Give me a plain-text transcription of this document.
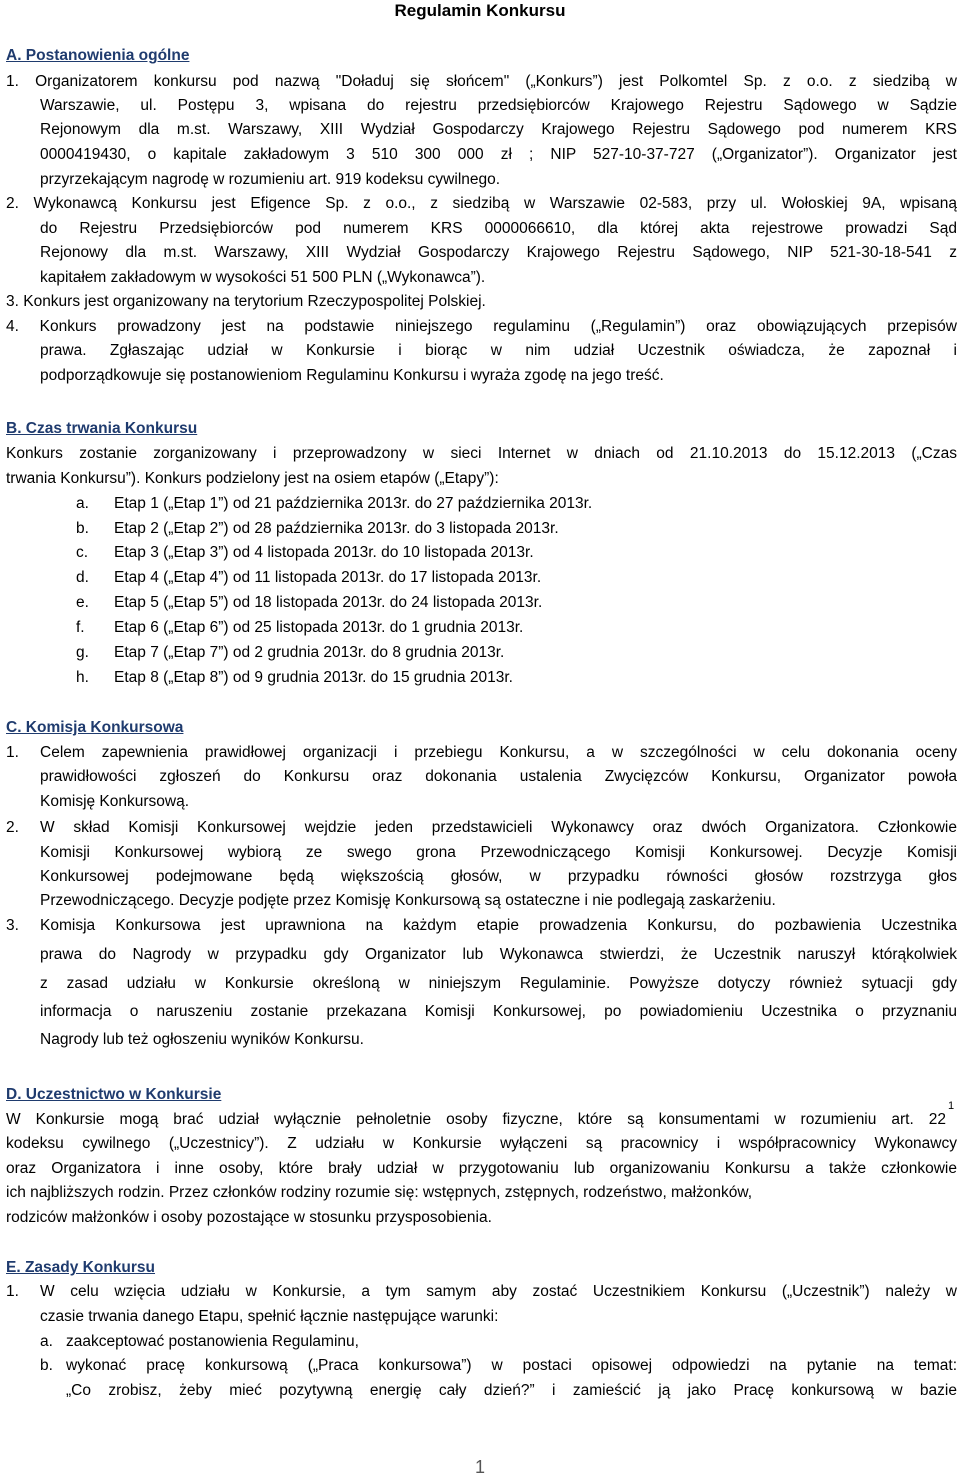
Regulamin Konkursu
A. Postanowienia ogólne
1. Organizatorem konkursu pod nazwą "Doładuj się słońcem" („Konkurs”) jest Polkomtel Sp. z o.o. z siedzibą w
Warszawie, ul. Postępu 3, wpisana do rejestru przedsiębiorców Krajowego Rejestru Sądowego w Sądzie
Rejonowym dla m.st. Warszawy, XIII Wydział Gospodarczy Krajowego Rejestru Sądowego pod numerem KRS
0000419430, o kapitale zakładowym 3 510 300 000 zł ; NIP 527-10-37-727 („Organizator”). Organizator jest
przyrzekającym nagrodę w rozumieniu art. 919 kodeksu cywilnego.
2. Wykonawcą Konkursu jest Efigence Sp. z o.o., z siedzibą w Warszawie 02-583, przy ul. Wołoskiej 9A, wpisaną
do Rejestru Przedsiębiorców pod numerem KRS 0000066610, dla której akta rejestrowe prowadzi Sąd
Rejonowy dla m.st. Warszawy, XIII Wydział Gospodarczy Krajowego Rejestru Sądowego, NIP 521-30-18-541 z
kapitałem zakładowym w wysokości 51 500 PLN („Wykonawca”).
3. Konkurs jest organizowany na terytorium Rzeczypospolitej Polskiej.
4. Konkurs prowadzony jest na podstawie niniejszego regulaminu („Regulamin”) oraz obowiązujących przepisów
prawa. Zgłaszając udział w Konkursie i biorąc w nim udział Uczestnik oświadcza, że zapoznał i
podporządkowuje się postanowieniom Regulaminu Konkursu i wyraża zgodę na jego treść.
B. Czas trwania Konkursu
Konkurs zostanie zorganizowany i przeprowadzony w sieci Internet w dniach od 21.10.2013 do 15.12.2013 („Czas
trwania Konkursu”). Konkurs podzielony jest na osiem etapów („Etapy”):
a. Etap 1 („Etap 1”) od 21 października 2013r. do 27 października 2013r.
b. Etap 2 („Etap 2”) od 28 października 2013r. do 3 listopada 2013r.
c. Etap 3 („Etap 3”) od 4 listopada 2013r. do 10 listopada 2013r.
d. Etap 4 („Etap 4”) od 11 listopada 2013r. do 17 listopada 2013r.
e. Etap 5 („Etap 5”) od 18 listopada 2013r. do 24 listopada 2013r.
f. Etap 6 („Etap 6”) od 25 listopada 2013r. do 1 grudnia 2013r.
g. Etap 7 („Etap 7”) od 2 grudnia 2013r. do 8 grudnia 2013r.
h. Etap 8 („Etap 8”) od 9 grudnia 2013r. do 15 grudnia 2013r.
C. Komisja Konkursowa
1. Celem zapewnienia prawidłowej organizacji i przebiegu Konkursu, a w szczególności w celu dokonania oceny
prawidłowości zgłoszeń do Konkursu oraz dokonania ustalenia Zwycięzców Konkursu, Organizator powoła
Komisję Konkursową.
2. W skład Komisji Konkursowej wejdzie jeden przedstawicieli Wykonawcy oraz dwóch Organizatora. Członkowie
Komisji Konkursowej wybiorą ze swego grona Przewodniczącego Komisji Konkursowej. Decyzje Komisji
Konkursowej podejmowane będą większością głosów, w przypadku równości głosów rozstrzyga głos
Przewodniczącego. Decyzje podjęte przez Komisję Konkursową są ostateczne i nie podlegają zaskarżeniu.
3. Komisja Konkursowa jest uprawniona na każdym etapie prowadzenia Konkursu, do pozbawienia Uczestnika
prawa do Nagrody w przypadku gdy Organizator lub Wykonawca stwierdzi, że Uczestnik naruszył którąkolwiek
z zasad udziału w Konkursie określoną w niniejszym Regulaminie. Powyższe dotyczy również sytuacji gdy
informacja o naruszeniu zostanie przekazana Komisji Konkursowej, po powiadomieniu Uczestnika o przyznaniu
Nagrody lub też ogłoszeniu wyników Konkursu.
D. Uczestnictwo w Konkursie
W Konkursie mogą brać udział wyłącznie pełnoletnie osoby fizyczne, które są konsumentami w rozumieniu art. 22
1
kodeksu cywilnego („Uczestnicy”). Z udziału w Konkursie wyłączeni są pracownicy i współpracownicy Wykonawcy
oraz Organizatora i inne osoby, które brały udział w przygotowaniu lub organizowaniu Konkursu a także członkowie
ich najbliższych rodzin. Przez członków rodziny rozumie się: wstępnych, zstępnych, rodzeństwo, małżonków,
rodziców małżonków i osoby pozostające w stosunku przysposobienia.
E. Zasady Konkursu
1. W celu wzięcia udziału w Konkursie, a tym samym aby zostać Uczestnikiem Konkursu („Uczestnik”) należy w
czasie trwania danego Etapu, spełnić łącznie następujące warunki:
a. zaakceptować postanowienia Regulaminu,
b. wykonać pracę konkursową („Praca konkursowa”) w postaci opisowej odpowiedzi na pytanie na temat:
„Co zrobisz, żeby mieć pozytywną energię cały dzień?” i zamieścić ją jako Pracę konkursową w bazie
1
